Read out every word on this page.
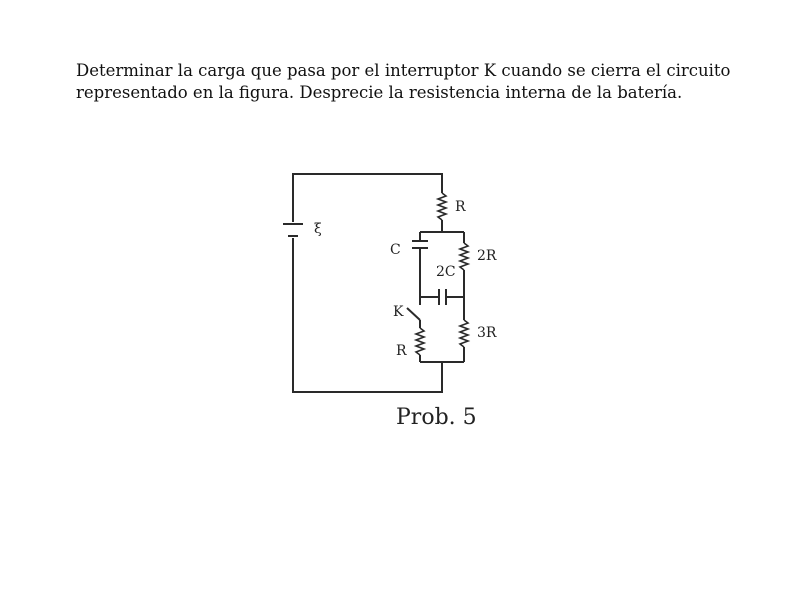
Determinar la carga que pasa por el interruptor K cuando se cierra el circuito
representado en la figura. Desprecie la resistencia interna de la batería.
ξ
R
C	2R
2C
K
R
3R
Prob. 5
